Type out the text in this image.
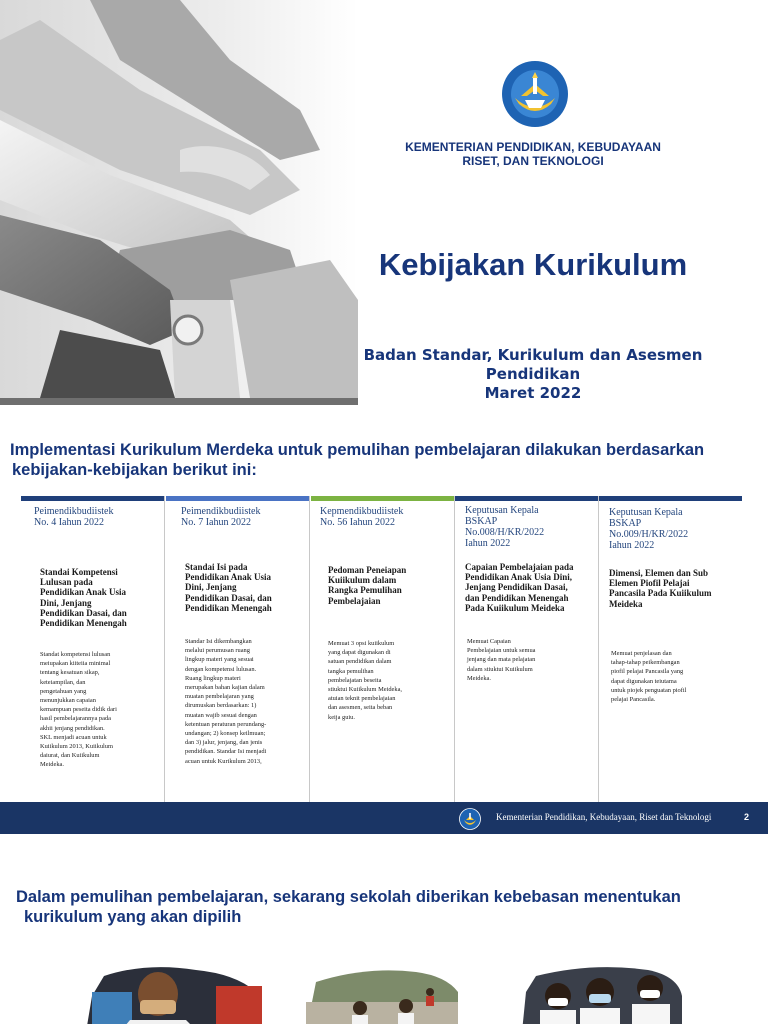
KEMENTERIAN PENDIDIKAN, KEBUDAYAAN
RISET, DAN TEKNOLOGI
Kebijakan Kurikulum
Badan Standar, Kurikulum dan Asesmen Pendidikan
Maret 2022
Implementasi Kurikulum Merdeka untuk pemulihan pembelajaran dilakukan berdasarkan
kebijakan-kebijakan berikut ini:
Peimendikbudiistek
No. 4 Iahun 2022
Standai Kompetensi
Lulusan pada
Pendidikan Anak Usia
Dini, Jenjang
Pendidikan Dasai, dan
Pendidikan Menengah
Standat kompetensi lulusan
meiupakan kiiteiia minimal
tentang kesatuan sikap,
keteiampilan, dan
pengetahuan yang
menunjukkan capaian
kemampuan peseita didik dari
hasil pembelajarannya pada
akhii jenjang pendidikan.
SKL menjadi acuan untuk
Kuiikulum 2013, Kuiikulum
daiurat, dan Kuiikulum
Meideka.
Peimendikbudiistek
No. 7 Iahun 2022
Standai Isi pada
Pendidikan Anak Usia
Dini, Jenjang
Pendidikan Dasai, dan
Pendidikan Menengah
Standar Isi dikembangkan
melalui perumusan ruang
lingkup materi yang sesuai
dengan kompetensi lulusan.
Ruang lingkup materi
merupakan bahan kajian dalam
muatan pembelajaran yang
dirumuskan berdasarkan: 1)
muatan wajib sesuai dengan
ketentuan peraturan perundang-
undangan; 2) konsep keilmuan;
dan 3) jalur, jenjang, dan jenis
pendidikan. Standar Isi menjadi
acuan untuk Kurikulum 2013,
Kepmendikbudiistek
No. 56 Iahun 2022
Pedoman Peneiapan
Kuiikulum dalam
Rangka Pemulihan
Pembelajaian
Memuat 3 opsi kuiikulum
yang dapat digunakan di
satuan pendidikan dalam
tangka pemulihan
pembelajatan beseita
stiuktui Kuiikulum Meideka,
atuian teknit pembelajaian
dan asesmen, seita beban
keija guiu.
Keputusan Kepala
BSKAP
No.008/H/KR/2022
Iahun 2022
Capaian Pembelajaian pada
Pendidikan Anak Usia Dini,
Jenjang Pendidikan Dasai,
dan Pendidikan Menengah
Pada Kuiikulum Meideka
Memuat Capaian
Pembelajaian untuk semua
jenjang dan mata pelajatan
dalam stiuktui Kuiikulum
Meideka.
Keputusan Kepala
BSKAP
No.009/H/KR/2022
Iahun 2022
Dimensi, Elemen dan Sub
Elemen Piofil Pelajai
Pancasila Pada Kuiikulum
Meideka
Memuat penjelasan dan
tahap-tahap peikembangan
piofil pelajai Pancasila yang
dapat digunakan teiutama
untuk piojek penguatan piofil
pelajai Pancasila.
Kementerian Pendidikan, Kebudayaan, Riset dan Teknologi	2
Dalam pemulihan pembelajaran, sekarang sekolah diberikan kebebasan menentukan
kurikulum yang akan dipilih
